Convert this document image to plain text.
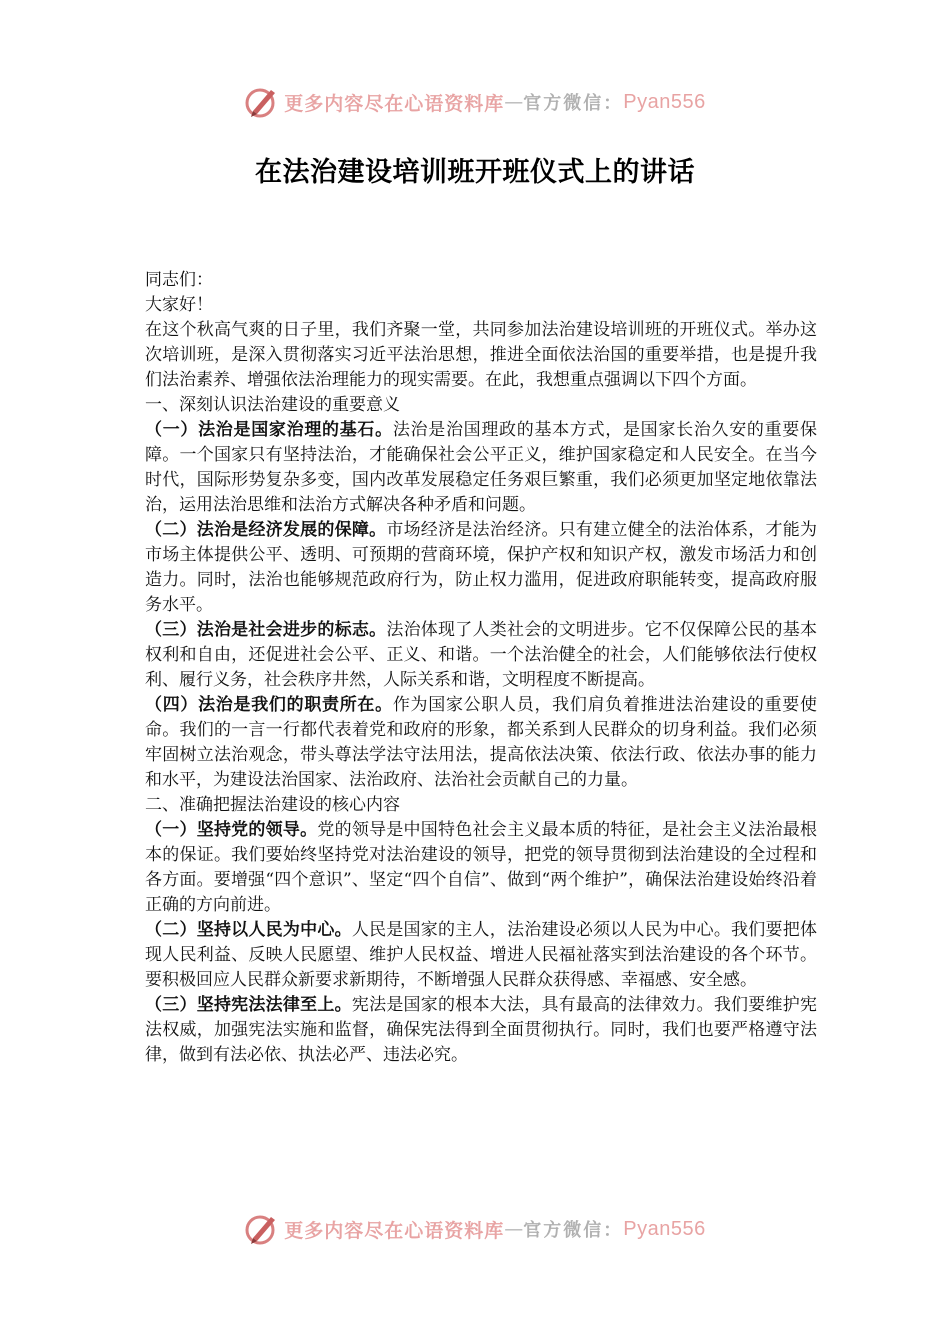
更多内容尽在心语资料库 — 官方微信： Pyan556
在法治建设培训班开班仪式上的讲话

同志们：

大家好！

在这个秋高气爽的日子里，我们齐聚一堂，共同参加法治建设培训班的开班仪式。举办这次培训班，是深入贯彻落实习近平法治思想，推进全面依法治国的重要举措，也是提升我们法治素养、增强依法治理能力的现实需要。在此，我想重点强调以下四个方面。

一、深刻认识法治建设的重要意义

（一）法治是国家治理的基石。法治是治国理政的基本方式，是国家长治久安的重要保障。一个国家只有坚持法治，才能确保社会公平正义，维护国家稳定和人民安全。在当今时代，国际形势复杂多变，国内改革发展稳定任务艰巨繁重，我们必须更加坚定地依靠法治，运用法治思维和法治方式解决各种矛盾和问题。

（二）法治是经济发展的保障。市场经济是法治经济。只有建立健全的法治体系，才能为市场主体提供公平、透明、可预期的营商环境，保护产权和知识产权，激发市场活力和创造力。同时，法治也能够规范政府行为，防止权力滥用，促进政府职能转变，提高政府服务水平。

（三）法治是社会进步的标志。法治体现了人类社会的文明进步。它不仅保障公民的基本权利和自由，还促进社会公平、正义、和谐。一个法治健全的社会，人们能够依法行使权利、履行义务，社会秩序井然，人际关系和谐，文明程度不断提高。

（四）法治是我们的职责所在。作为国家公职人员，我们肩负着推进法治建设的重要使命。我们的一言一行都代表着党和政府的形象，都关系到人民群众的切身利益。我们必须牢固树立法治观念，带头尊法学法守法用法，提高依法决策、依法行政、依法办事的能力和水平，为建设法治国家、法治政府、法治社会贡献自己的力量。

二、准确把握法治建设的核心内容

（一）坚持党的领导。党的领导是中国特色社会主义最本质的特征，是社会主义法治最根本的保证。我们要始终坚持党对法治建设的领导，把党的领导贯彻到法治建设的全过程和各方面。要增强“四个意识”、坚定“四个自信”、做到“两个维护”，确保法治建设始终沿着正确的方向前进。

（二）坚持以人民为中心。人民是国家的主人，法治建设必须以人民为中心。我们要把体现人民利益、反映人民愿望、维护人民权益、增进人民福祉落实到法治建设的各个环节。要积极回应人民群众新要求新期待，不断增强人民群众获得感、幸福感、安全感。

（三）坚持宪法法律至上。宪法是国家的根本大法，具有最高的法律效力。我们要维护宪法权威，加强宪法实施和监督，确保宪法得到全面贯彻执行。同时，我们也要严格遵守法律，做到有法必依、执法必严、违法必究。

更多内容尽在心语资料库 — 官方微信： Pyan556
